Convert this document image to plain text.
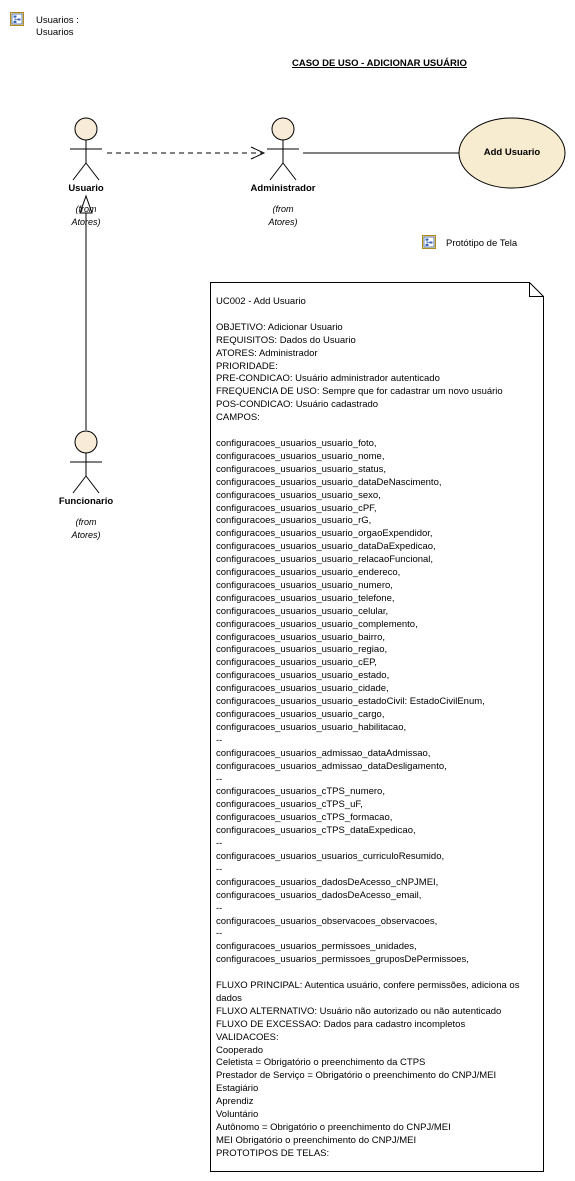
Usuarios :
Usuarios
CASO DE USO - ADICIONAR USUÁRIO
Usuario
(from
Atores)
Administrador
(from
Atores)
Funcionario
(from
Atores)
Add Usuario
Protótipo de Tela
UC002 - Add Usuario

OBJETIVO: Adicionar Usuario
REQUISITOS: Dados do Usuario
ATORES: Administrador
PRIORIDADE:
PRE-CONDICAO: Usuário administrador autenticado
FREQUENCIA DE USO: Sempre que for cadastrar um novo usuário
POS-CONDICAO: Usuário cadastrado
CAMPOS:

configuracoes_usuarios_usuario_foto,
configuracoes_usuarios_usuario_nome,
configuracoes_usuarios_usuario_status,
configuracoes_usuarios_usuario_dataDeNascimento,
configuracoes_usuarios_usuario_sexo,
configuracoes_usuarios_usuario_cPF,
configuracoes_usuarios_usuario_rG,
configuracoes_usuarios_usuario_orgaoExpendidor,
configuracoes_usuarios_usuario_dataDaExpedicao,
configuracoes_usuarios_usuario_relacaoFuncional,
configuracoes_usuarios_usuario_endereco,
configuracoes_usuarios_usuario_numero,
configuracoes_usuarios_usuario_telefone,
configuracoes_usuarios_usuario_celular,
configuracoes_usuarios_usuario_complemento,
configuracoes_usuarios_usuario_bairro,
configuracoes_usuarios_usuario_regiao,
configuracoes_usuarios_usuario_cEP,
configuracoes_usuarios_usuario_estado,
configuracoes_usuarios_usuario_cidade,
configuracoes_usuarios_usuario_estadoCivil: EstadoCivilEnum,
configuracoes_usuarios_usuario_cargo,
configuracoes_usuarios_usuario_habilitacao,
--
configuracoes_usuarios_admissao_dataAdmissao,
configuracoes_usuarios_admissao_dataDesligamento,
--
configuracoes_usuarios_cTPS_numero,
configuracoes_usuarios_cTPS_uF,
configuracoes_usuarios_cTPS_formacao,
configuracoes_usuarios_cTPS_dataExpedicao,
--
configuracoes_usuarios_usuarios_curriculoResumido,
--
configuracoes_usuarios_dadosDeAcesso_cNPJMEI,
configuracoes_usuarios_dadosDeAcesso_email,
--
configuracoes_usuarios_observacoes_observacoes,
--
configuracoes_usuarios_permissoes_unidades,
configuracoes_usuarios_permissoes_gruposDePermissoes,

FLUXO PRINCIPAL: Autentica usuário, confere permissões, adiciona os dados
FLUXO ALTERNATIVO: Usuário não autorizado ou não autenticado
FLUXO DE EXCESSAO: Dados para cadastro incompletos
VALIDACOES:
Cooperado
Celetista = Obrigatório o preenchimento da CTPS
Prestador de Serviço = Obrigatório o preenchimento do CNPJ/MEI
Estagiário
Aprendiz
Voluntário
Autônomo = Obrigatório o preenchimento do CNPJ/MEI
MEI Obrigatório o preenchimento do CNPJ/MEI
PROTOTIPOS DE TELAS:
